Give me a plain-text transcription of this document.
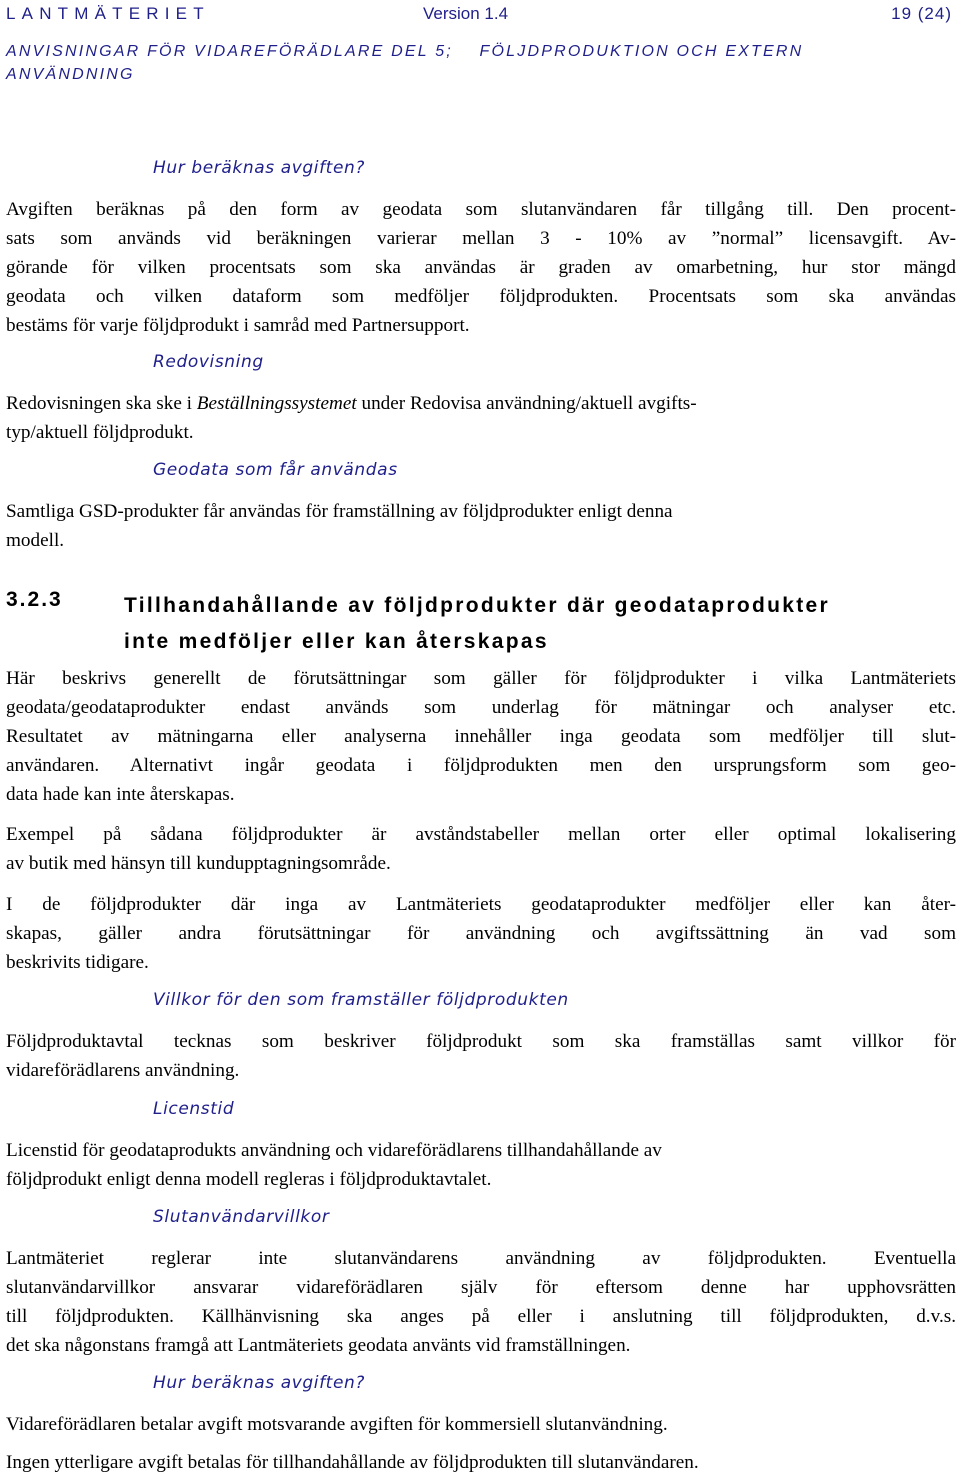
LANTMÄTERIET	Version 1.4	19 (24)
ANVISNINGAR FÖR VIDAREFÖRÄDLARE DEL 5;    FÖLJDPRODUKTION OCH EXTERN
ANVÄNDNING
Hur beräknas avgiften?
Avgiften beräknas på den form av geodata som slutanvändaren får tillgång till. Den procent-
sats som används vid beräkningen varierar mellan 3 - 10% av ”normal” licensavgift. Av-
görande för vilken procentsats som ska användas är graden av omarbetning, hur stor mängd
geodata och vilken dataform som medföljer följdprodukten. Procentsats som ska användas
bestäms för varje följdprodukt i samråd med Partnersupport.
Redovisning
Redovisningen ska ske i Beställningssystemet under Redovisa användning/aktuell avgifts-
typ/aktuell följdprodukt.
Geodata som får användas
Samtliga GSD-produkter får användas för framställning av följdprodukter enligt denna
modell.
3.2.3	Tillhandahållande av följdprodukter där geodataprodukter
inte medföljer eller kan återskapas
Här beskrivs generellt de förutsättningar som gäller för följdprodukter i vilka Lantmäteriets
geodata/geodataprodukter endast används som underlag för mätningar och analyser etc.
Resultatet av mätningarna eller analyserna innehåller inga geodata som medföljer till slut-
användaren. Alternativt ingår geodata i följdprodukten men den ursprungsform som geo-
data hade kan inte återskapas.
Exempel på sådana följdprodukter är avståndstabeller mellan orter eller optimal lokalisering
av butik med hänsyn till kundupptagningsområde.
I de följdprodukter där inga av Lantmäteriets geodataprodukter medföljer eller kan åter-
skapas, gäller andra förutsättningar för användning och avgiftssättning än vad som
beskrivits tidigare.
Villkor för den som framställer följdprodukten
Följdproduktavtal tecknas som beskriver följdprodukt som ska framställas samt villkor för
vidareförädlarens användning.
Licenstid
Licenstid för geodataprodukts användning och vidareförädlarens tillhandahållande av
följdprodukt enligt denna modell regleras i följdproduktavtalet.
Slutanvändarvillkor
Lantmäteriet reglerar inte slutanvändarens användning av följdprodukten. Eventuella
slutanvändarvillkor ansvarar vidareförädlaren själv för eftersom denne har upphovsrätten
till följdprodukten. Källhänvisning ska anges på eller i anslutning till följdprodukten, d.v.s.
det ska någonstans framgå att Lantmäteriets geodata använts vid framställningen.
Hur beräknas avgiften?
Vidareförädlaren betalar avgift motsvarande avgiften för kommersiell slutanvändning.
Ingen ytterligare avgift betalas för tillhandahållande av följdprodukten till slutanvändaren.
